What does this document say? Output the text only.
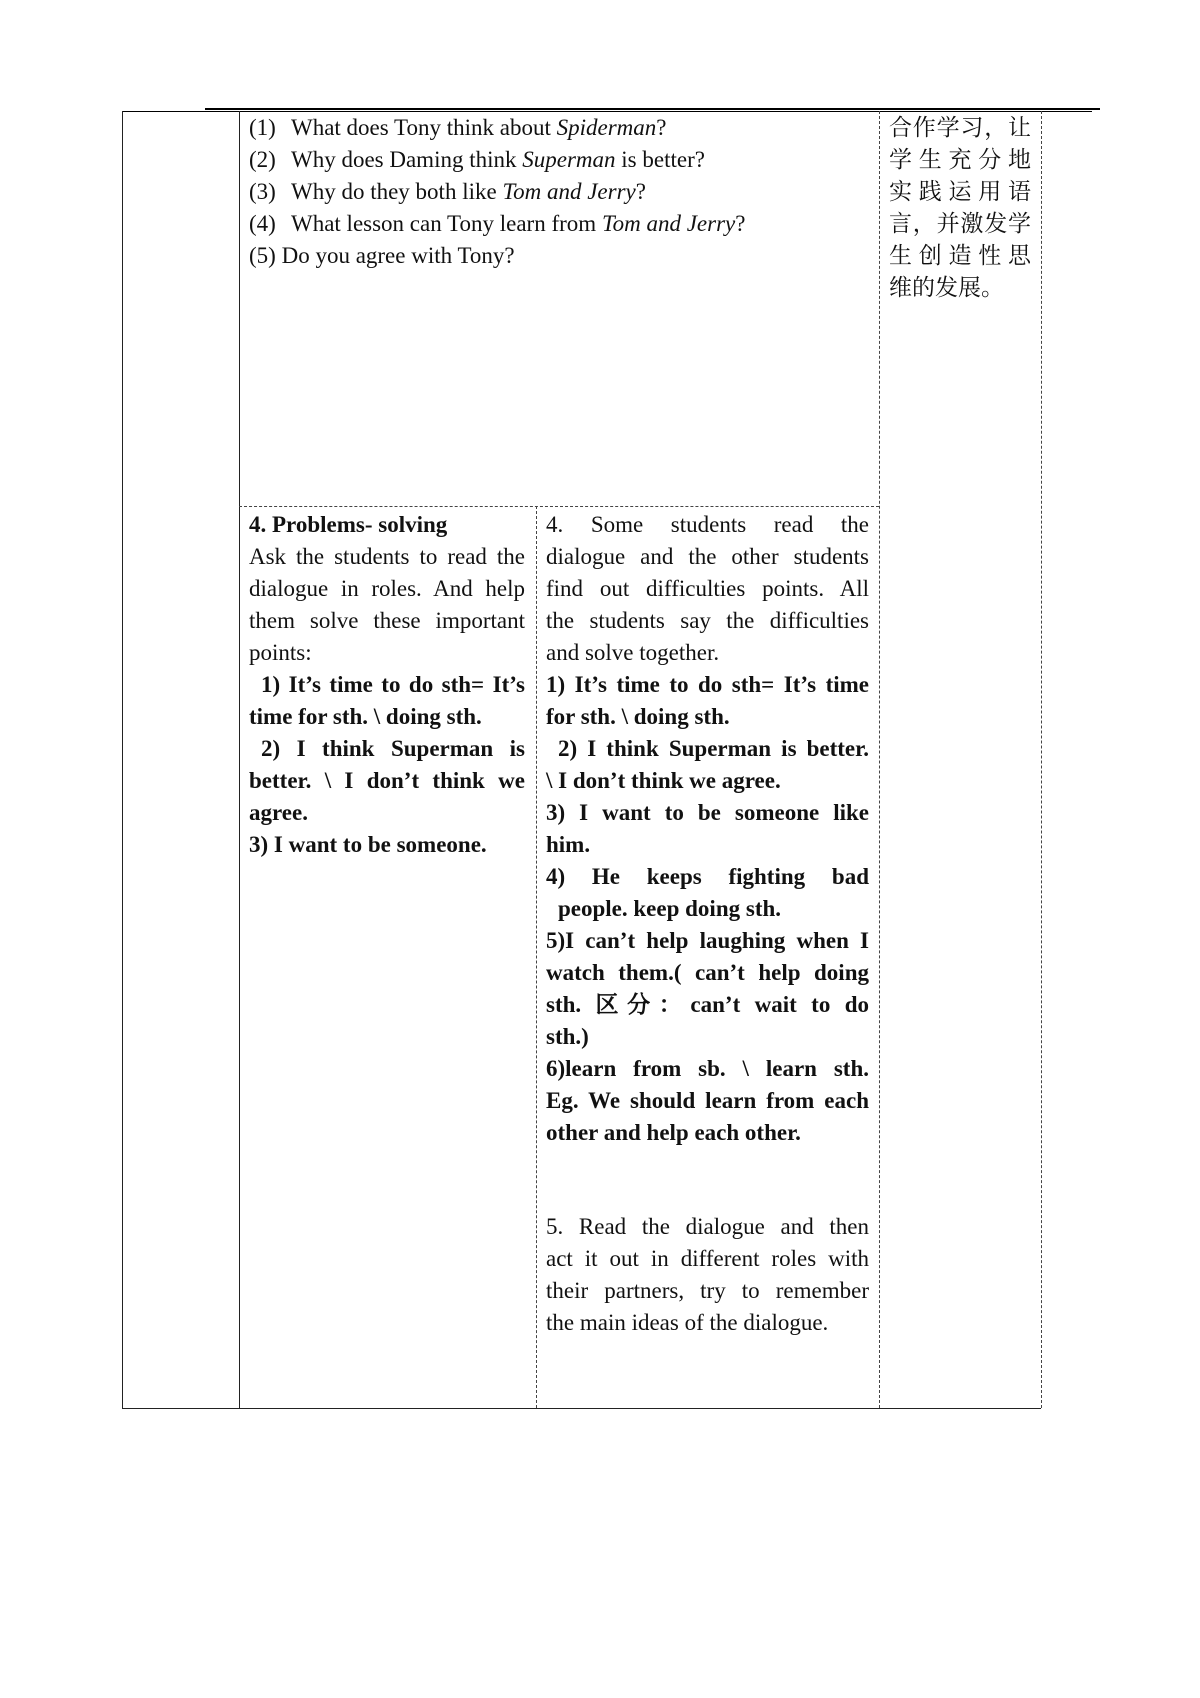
(1) What does Tony think about Spiderman?
(2) Why does Daming think Superman is better?
(3) Why do they both like Tom and Jerry?
(4) What lesson can Tony learn from Tom and Jerry?
(5) Do you agree with Tony?
合作学习，让
学生充分地
实践运用语
言，并激发学
生创造性思
维的发展。
4. Problems- solving
Ask the students to read the
dialogue in roles. And help
them solve these important
points:
1) It’s time to do sth= It’s
time for sth. \ doing sth.
2) I think Superman is
better. \ I don’t think we
agree.
3) I want to be someone.
4. Some students read the
dialogue and the other students
find out difficulties points. All
the students say the difficulties
and solve together.
1) It’s time to do sth= It’s time
for sth. \ doing sth.
2) I think Superman is better.
\ I don’t think we agree.
3) I want to be someone like
him.
4) He keeps fighting bad
people. keep doing sth.
5)I can’t help laughing when I
watch them.( can’t help doing
sth. 区分：can’t wait to do
sth.)
6)learn from sb. \ learn sth.
Eg. We should learn from each
other and help each other.
5. Read the dialogue and then
act it out in different roles with
their partners, try to remember
the main ideas of the dialogue.
